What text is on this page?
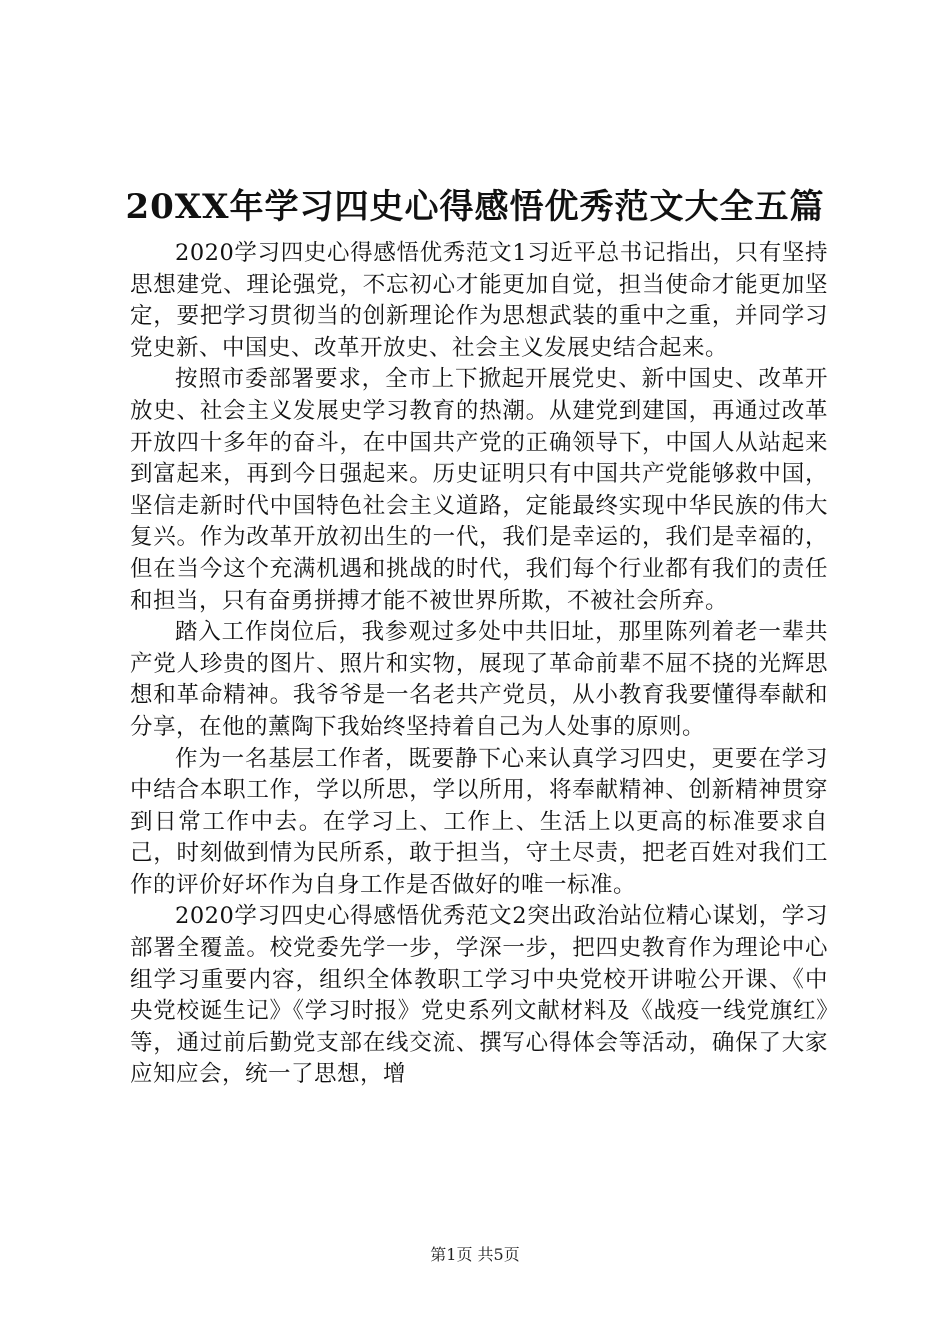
20XX年学习四史心得感悟优秀范文大全五篇

2020学习四史心得感悟优秀范文1习近平总书记指出，只有坚持思想建党、理论强党，不忘初心才能更加自觉，担当使命才能更加坚定，要把学习贯彻当的创新理论作为思想武装的重中之重，并同学习党史新、中国史、改革开放史、社会主义发展史结合起来。

按照市委部署要求，全市上下掀起开展党史、新中国史、改革开放史、社会主义发展史学习教育的热潮。从建党到建国，再通过改革开放四十多年的奋斗，在中国共产党的正确领导下，中国人从站起来到富起来，再到今日强起来。历史证明只有中国共产党能够救中国，坚信走新时代中国特色社会主义道路，定能最终实现中华民族的伟大复兴。作为改革开放初出生的一代，我们是幸运的，我们是幸福的，但在当今这个充满机遇和挑战的时代，我们每个行业都有我们的责任和担当，只有奋勇拼搏才能不被世界所欺，不被社会所弃。

踏入工作岗位后，我参观过多处中共旧址，那里陈列着老一辈共产党人珍贵的图片、照片和实物，展现了革命前辈不屈不挠的光辉思想和革命精神。我爷爷是一名老共产党员，从小教育我要懂得奉献和分享，在他的薰陶下我始终坚持着自己为人处事的原则。

作为一名基层工作者，既要静下心来认真学习四史，更要在学习中结合本职工作，学以所思，学以所用，将奉献精神、创新精神贯穿到日常工作中去。在学习上、工作上、生活上以更高的标准要求自己，时刻做到情为民所系，敢于担当，守土尽责，把老百姓对我们工作的评价好坏作为自身工作是否做好的唯一标准。

2020学习四史心得感悟优秀范文2突出政治站位精心谋划，学习部署全覆盖。校党委先学一步，学深一步，把四史教育作为理论中心组学习重要内容，组织全体教职工学习中央党校开讲啦公开课、《中央党校诞生记》《学习时报》党史系列文献材料及《战疫一线党旗红》等，通过前后勤党支部在线交流、撰写心得体会等活动，确保了大家应知应会，统一了思想，增

第1页 共5页
